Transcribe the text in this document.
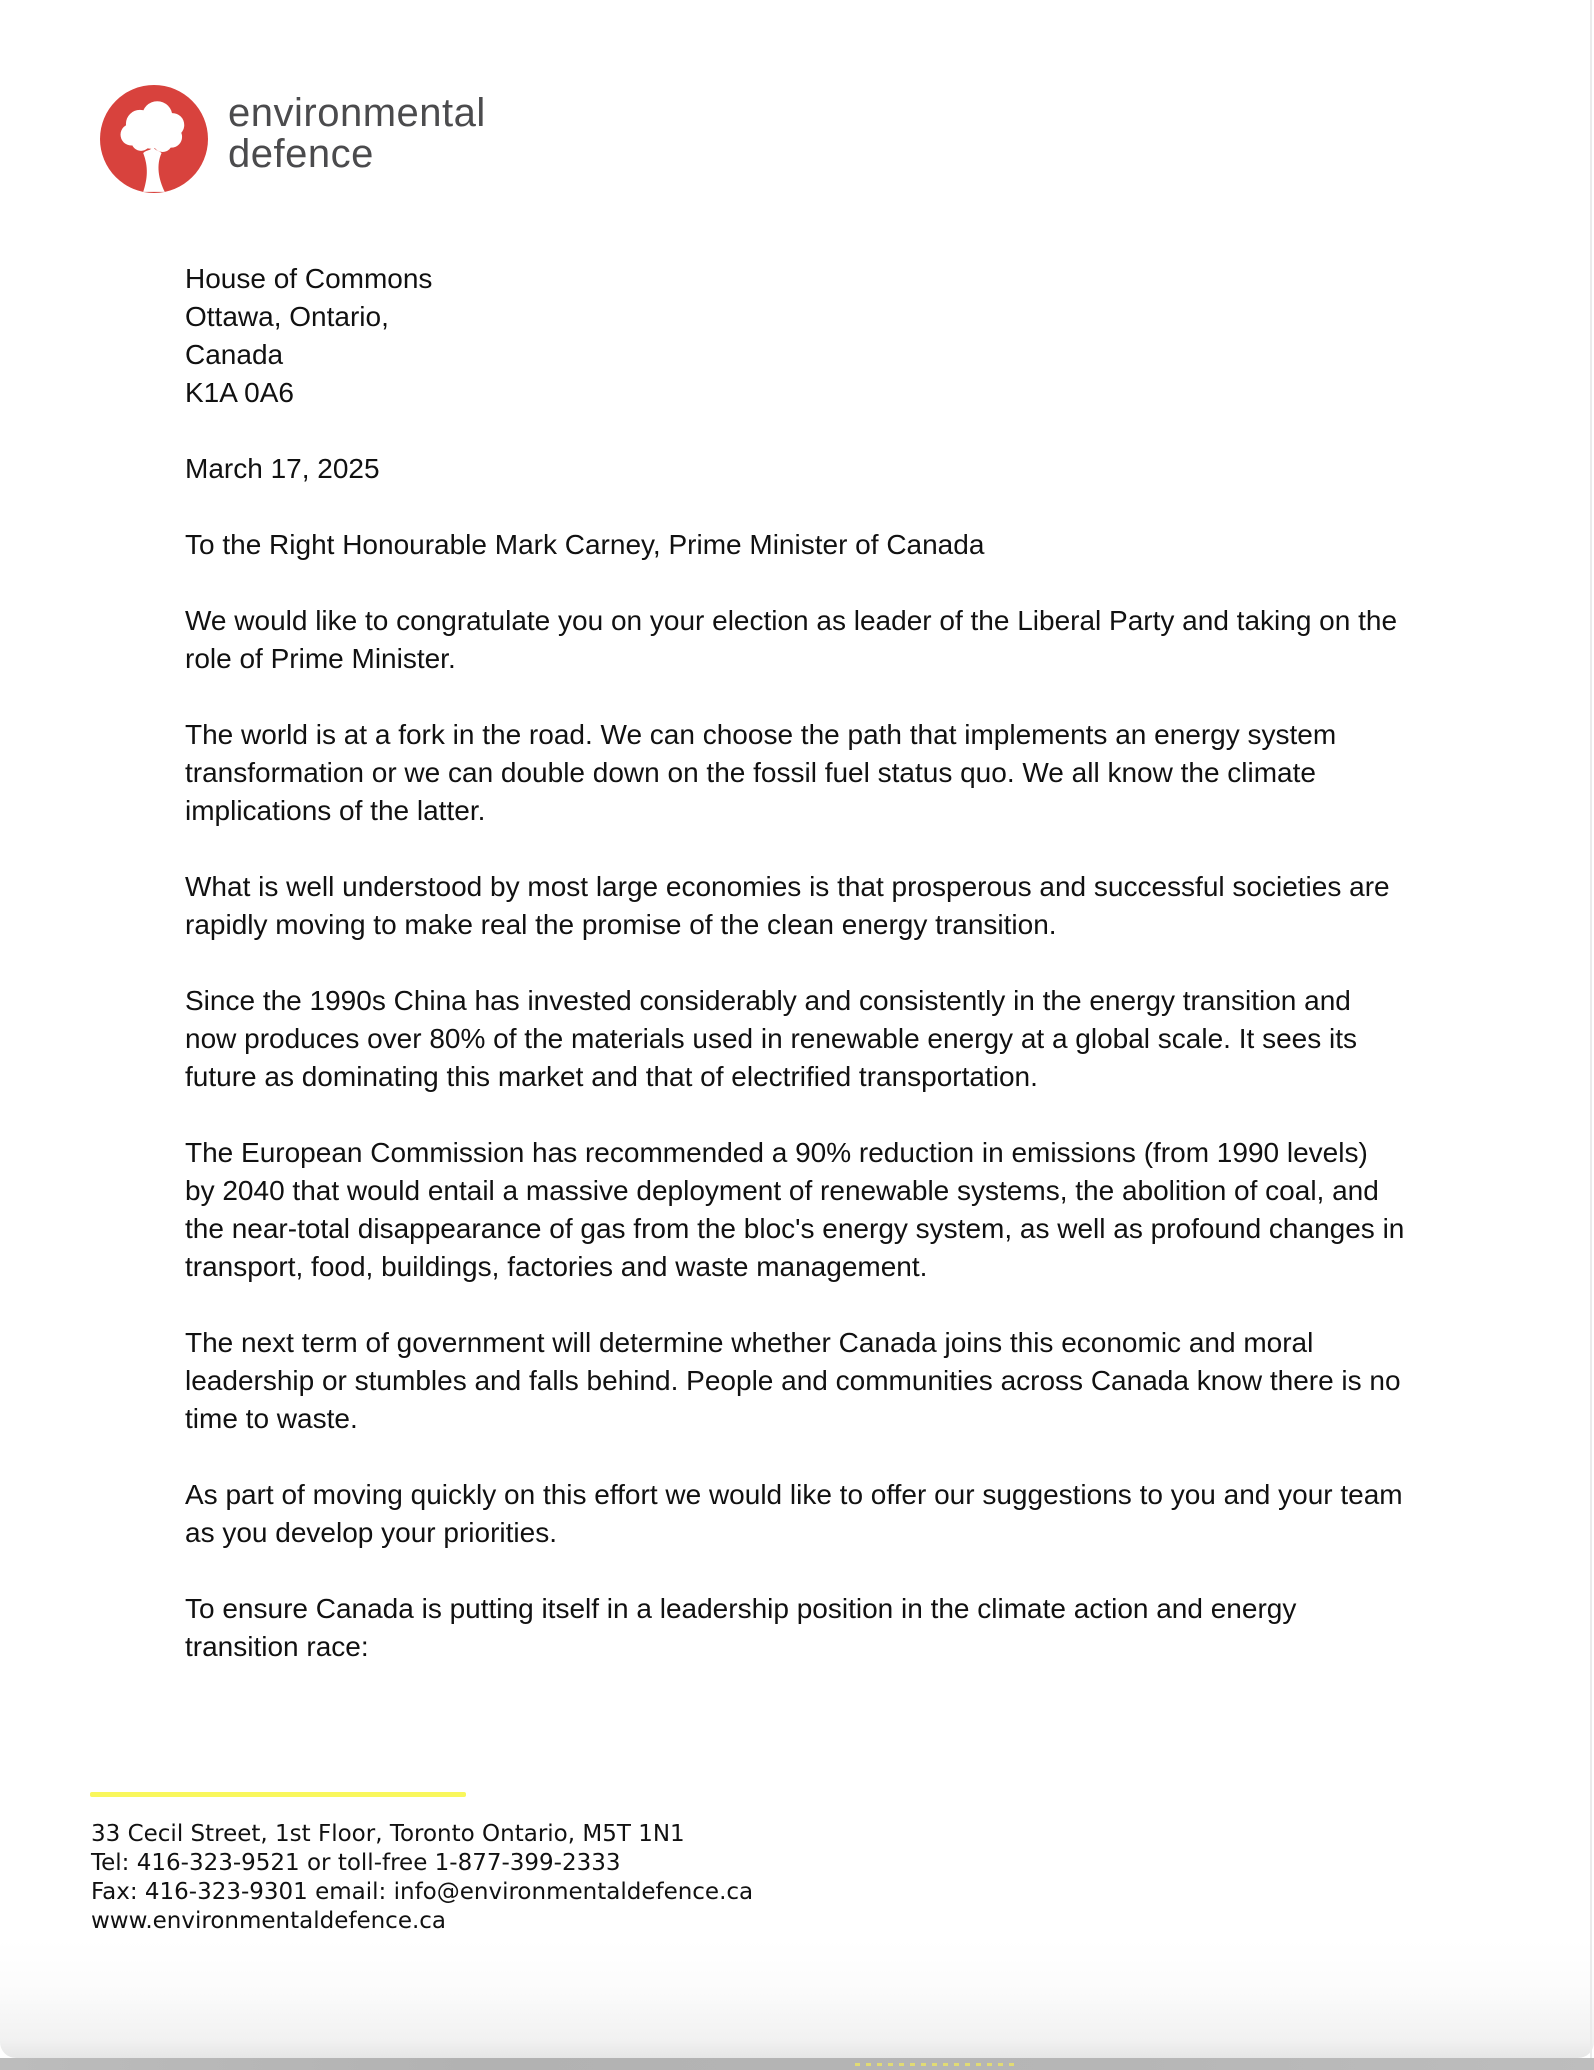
environmental
defence
House of Commons
Ottawa, Ontario,
Canada
K1A 0A6

March 17, 2025

To the Right Honourable Mark Carney, Prime Minister of Canada

We would like to congratulate you on your election as leader of the Liberal Party and taking on the role of Prime Minister.

The world is at a fork in the road. We can choose the path that implements an energy system transformation or we can double down on the fossil fuel status quo. We all know the climate implications of the latter.

What is well understood by most large economies is that prosperous and successful societies are rapidly moving to make real the promise of the clean energy transition.

Since the 1990s China has invested considerably and consistently in the energy transition and now produces over 80% of the materials used in renewable energy at a global scale. It sees its future as dominating this market and that of electrified transportation.

The European Commission has recommended a 90% reduction in emissions (from 1990 levels) by 2040 that would entail a massive deployment of renewable systems, the abolition of coal, and the near-total disappearance of gas from the bloc's energy system, as well as profound changes in transport, food, buildings, factories and waste management.

The next term of government will determine whether Canada joins this economic and moral leadership or stumbles and falls behind. People and communities across Canada know there is no time to waste.

As part of moving quickly on this effort we would like to offer our suggestions to you and your team as you develop your priorities.

To ensure Canada is putting itself in a leadership position in the climate action and energy transition race:

33 Cecil Street, 1st Floor, Toronto Ontario, M5T 1N1
Tel: 416-323-9521 or toll-free 1-877-399-2333
Fax: 416-323-9301 email: info@environmentaldefence.ca
www.environmentaldefence.ca
